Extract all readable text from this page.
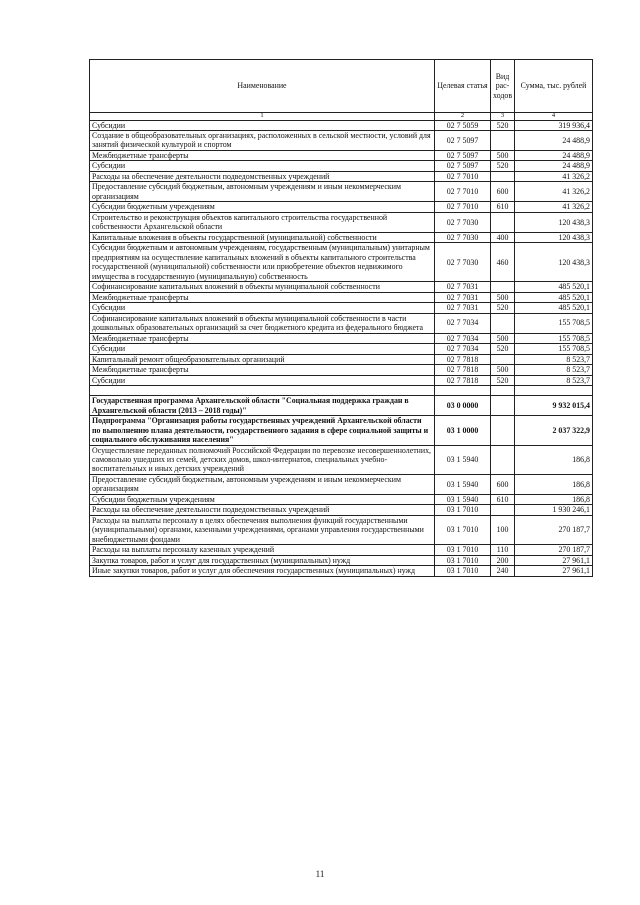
Наименование	Целевая статья	Вид рас-ходов	Сумма, тыс. рублей
1	2	3	4
Субсидии	02 7 5059	520	319 936,4
Создание в общеобразовательных организациях, расположенных в сельской местности, условий для занятий физической культурой и спортом	02 7 5097		24 488,9
Межбюджетные трансферты	02 7 5097	500	24 488,9
Субсидии	02 7 5097	520	24 488,9
Расходы на обеспечение деятельности подведомственных учреждений	02 7 7010		41 326,2
Предоставление субсидий бюджетным, автономным учреждениям и иным некоммерческим организациям	02 7 7010	600	41 326,2
Субсидии бюджетным учреждениям	02 7 7010	610	41 326,2
Строительство и реконструкция объектов капитального строительства государственной собственности Архангельской области	02 7 7030		120 438,3
Капитальные вложения в объекты государственной (муниципальной) собственности	02 7 7030	400	120 438,3
Субсидии бюджетным и автономным учреждениям, государственным (муниципальным) унитарным предприятиям на осуществление капитальных вложений в объекты капитального строительства государственной (муниципальной) собственности или приобретение объектов недвижимого имущества в государственную (муниципальную) собственность	02 7 7030	460	120 438,3
Софинансирование капитальных вложений в объекты муниципальной собственности	02 7 7031		485 520,1
Межбюджетные трансферты	02 7 7031	500	485 520,1
Субсидии	02 7 7031	520	485 520,1
Софинансирование капитальных вложений в объекты муниципальной собственности в части дошкольных образовательных организаций за счет бюджетного кредита из федерального бюджета	02 7 7034		155 708,5
Межбюджетные трансферты	02 7 7034	500	155 708,5
Субсидии	02 7 7034	520	155 708,5
Капитальный ремонт общеобразовательных организаций	02 7 7818		8 523,7
Межбюджетные трансферты	02 7 7818	500	8 523,7
Субсидии	02 7 7818	520	8 523,7

Государственная программа Архангельской области "Социальная поддержка граждан в Архангельской области (2013 – 2018 годы)"	03 0 0000		9 932 015,4
Подпрограмма "Организация работы государственных учреждений Архангельской области по выполнению плана деятельности, государственного задания в сфере социальной защиты и социального обслуживания населения"	03 1 0000		2 037 322,9
Осуществление переданных полномочий Российской Федерации по перевозке несовершеннолетних, самовольно ушедших из семей, детских домов, школ-интернатов, специальных учебно-воспитательных и иных детских учреждений	03 1 5940		186,8
Предоставление субсидий бюджетным, автономным учреждениям и иным некоммерческим организациям	03 1 5940	600	186,8
Субсидии бюджетным учреждениям	03 1 5940	610	186,8
Расходы на обеспечение деятельности подведомственных учреждений	03 1 7010		1 930 246,1
Расходы на выплаты персоналу в целях обеспечения выполнения функций государственными (муниципальными) органами, казенными учреждениями, органами управления государственными внебюджетными фондами	03 1 7010	100	270 187,7
Расходы на выплаты персоналу казенных учреждений	03 1 7010	110	270 187,7
Закупка товаров, работ и услуг для государственных (муниципальных) нужд	03 1 7010	200	27 961,1
Иные закупки товаров, работ и услуг для обеспечения государственных (муниципальных) нужд	03 1 7010	240	27 961,1
11
